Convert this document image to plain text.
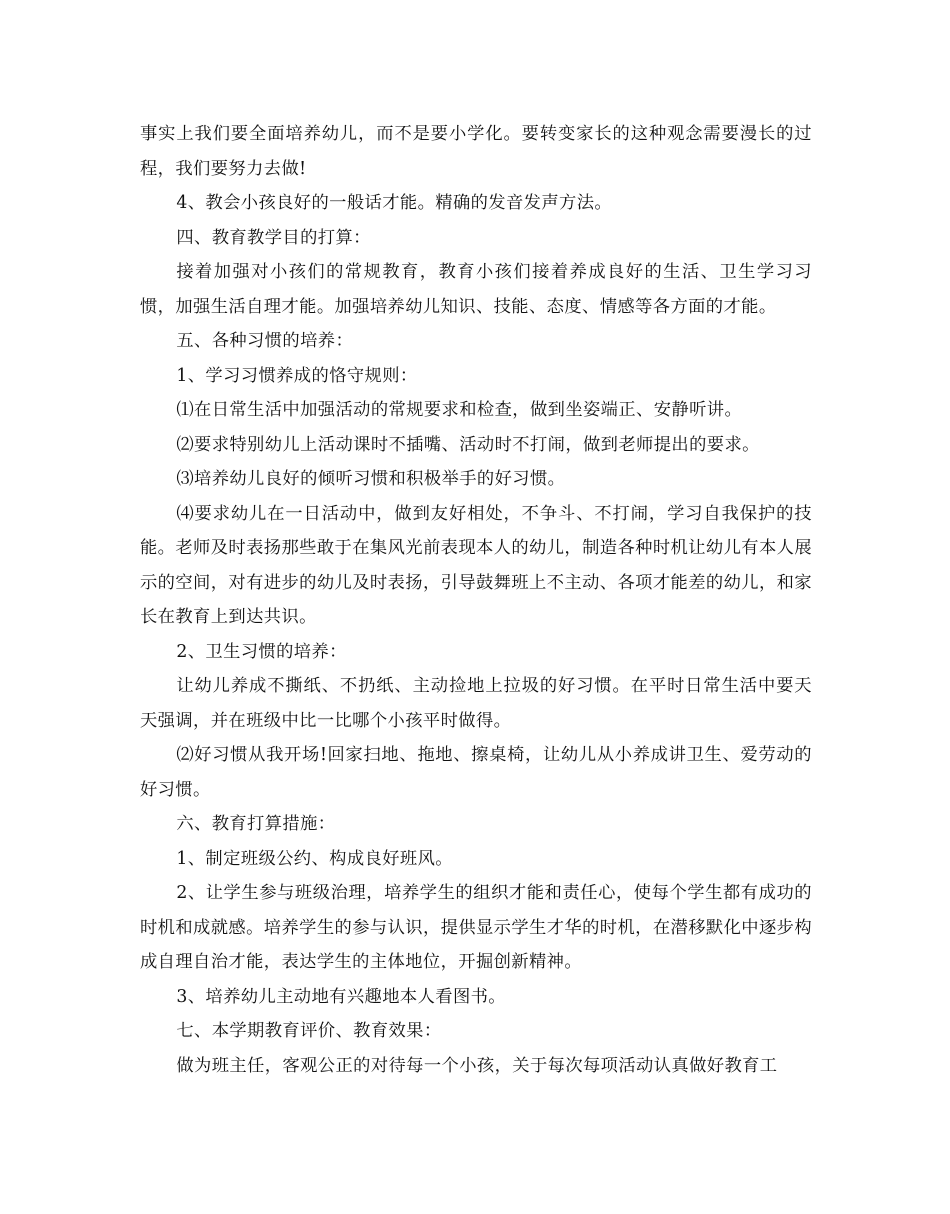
事实上我们要全面培养幼儿，而不是要小学化。要转变家长的这种观念需要漫长的过程，我们要努力去做!

4、教会小孩良好的一般话才能。精确的发音发声方法。

四、教育教学目的打算：

接着加强对小孩们的常规教育，教育小孩们接着养成良好的生活、卫生学习习惯，加强生活自理才能。加强培养幼儿知识、技能、态度、情感等各方面的才能。

五、各种习惯的培养：

1、学习习惯养成的恪守规则：

⑴在日常生活中加强活动的常规要求和检查，做到坐姿端正、安静听讲。

⑵要求特别幼儿上活动课时不插嘴、活动时不打闹，做到老师提出的要求。

⑶培养幼儿良好的倾听习惯和积极举手的好习惯。

⑷要求幼儿在一日活动中，做到友好相处，不争斗、不打闹，学习自我保护的技能。老师及时表扬那些敢于在集风光前表现本人的幼儿，制造各种时机让幼儿有本人展示的空间，对有进步的幼儿及时表扬，引导鼓舞班上不主动、各项才能差的幼儿，和家长在教育上到达共识。

2、卫生习惯的培养：

让幼儿养成不撕纸、不扔纸、主动捡地上拉圾的好习惯。在平时日常生活中要天天强调，并在班级中比一比哪个小孩平时做得。

⑵好习惯从我开场!回家扫地、拖地、擦桌椅，让幼儿从小养成讲卫生、爱劳动的好习惯。

六、教育打算措施：

1、制定班级公约、构成良好班风。

2、让学生参与班级治理，培养学生的组织才能和责任心，使每个学生都有成功的时机和成就感。培养学生的参与认识，提供显示学生才华的时机，在潜移默化中逐步构成自理自治才能，表达学生的主体地位，开掘创新精神。

3、培养幼儿主动地有兴趣地本人看图书。

七、本学期教育评价、教育效果：

做为班主任，客观公正的对待每一个小孩，关于每次每项活动认真做好教育工
